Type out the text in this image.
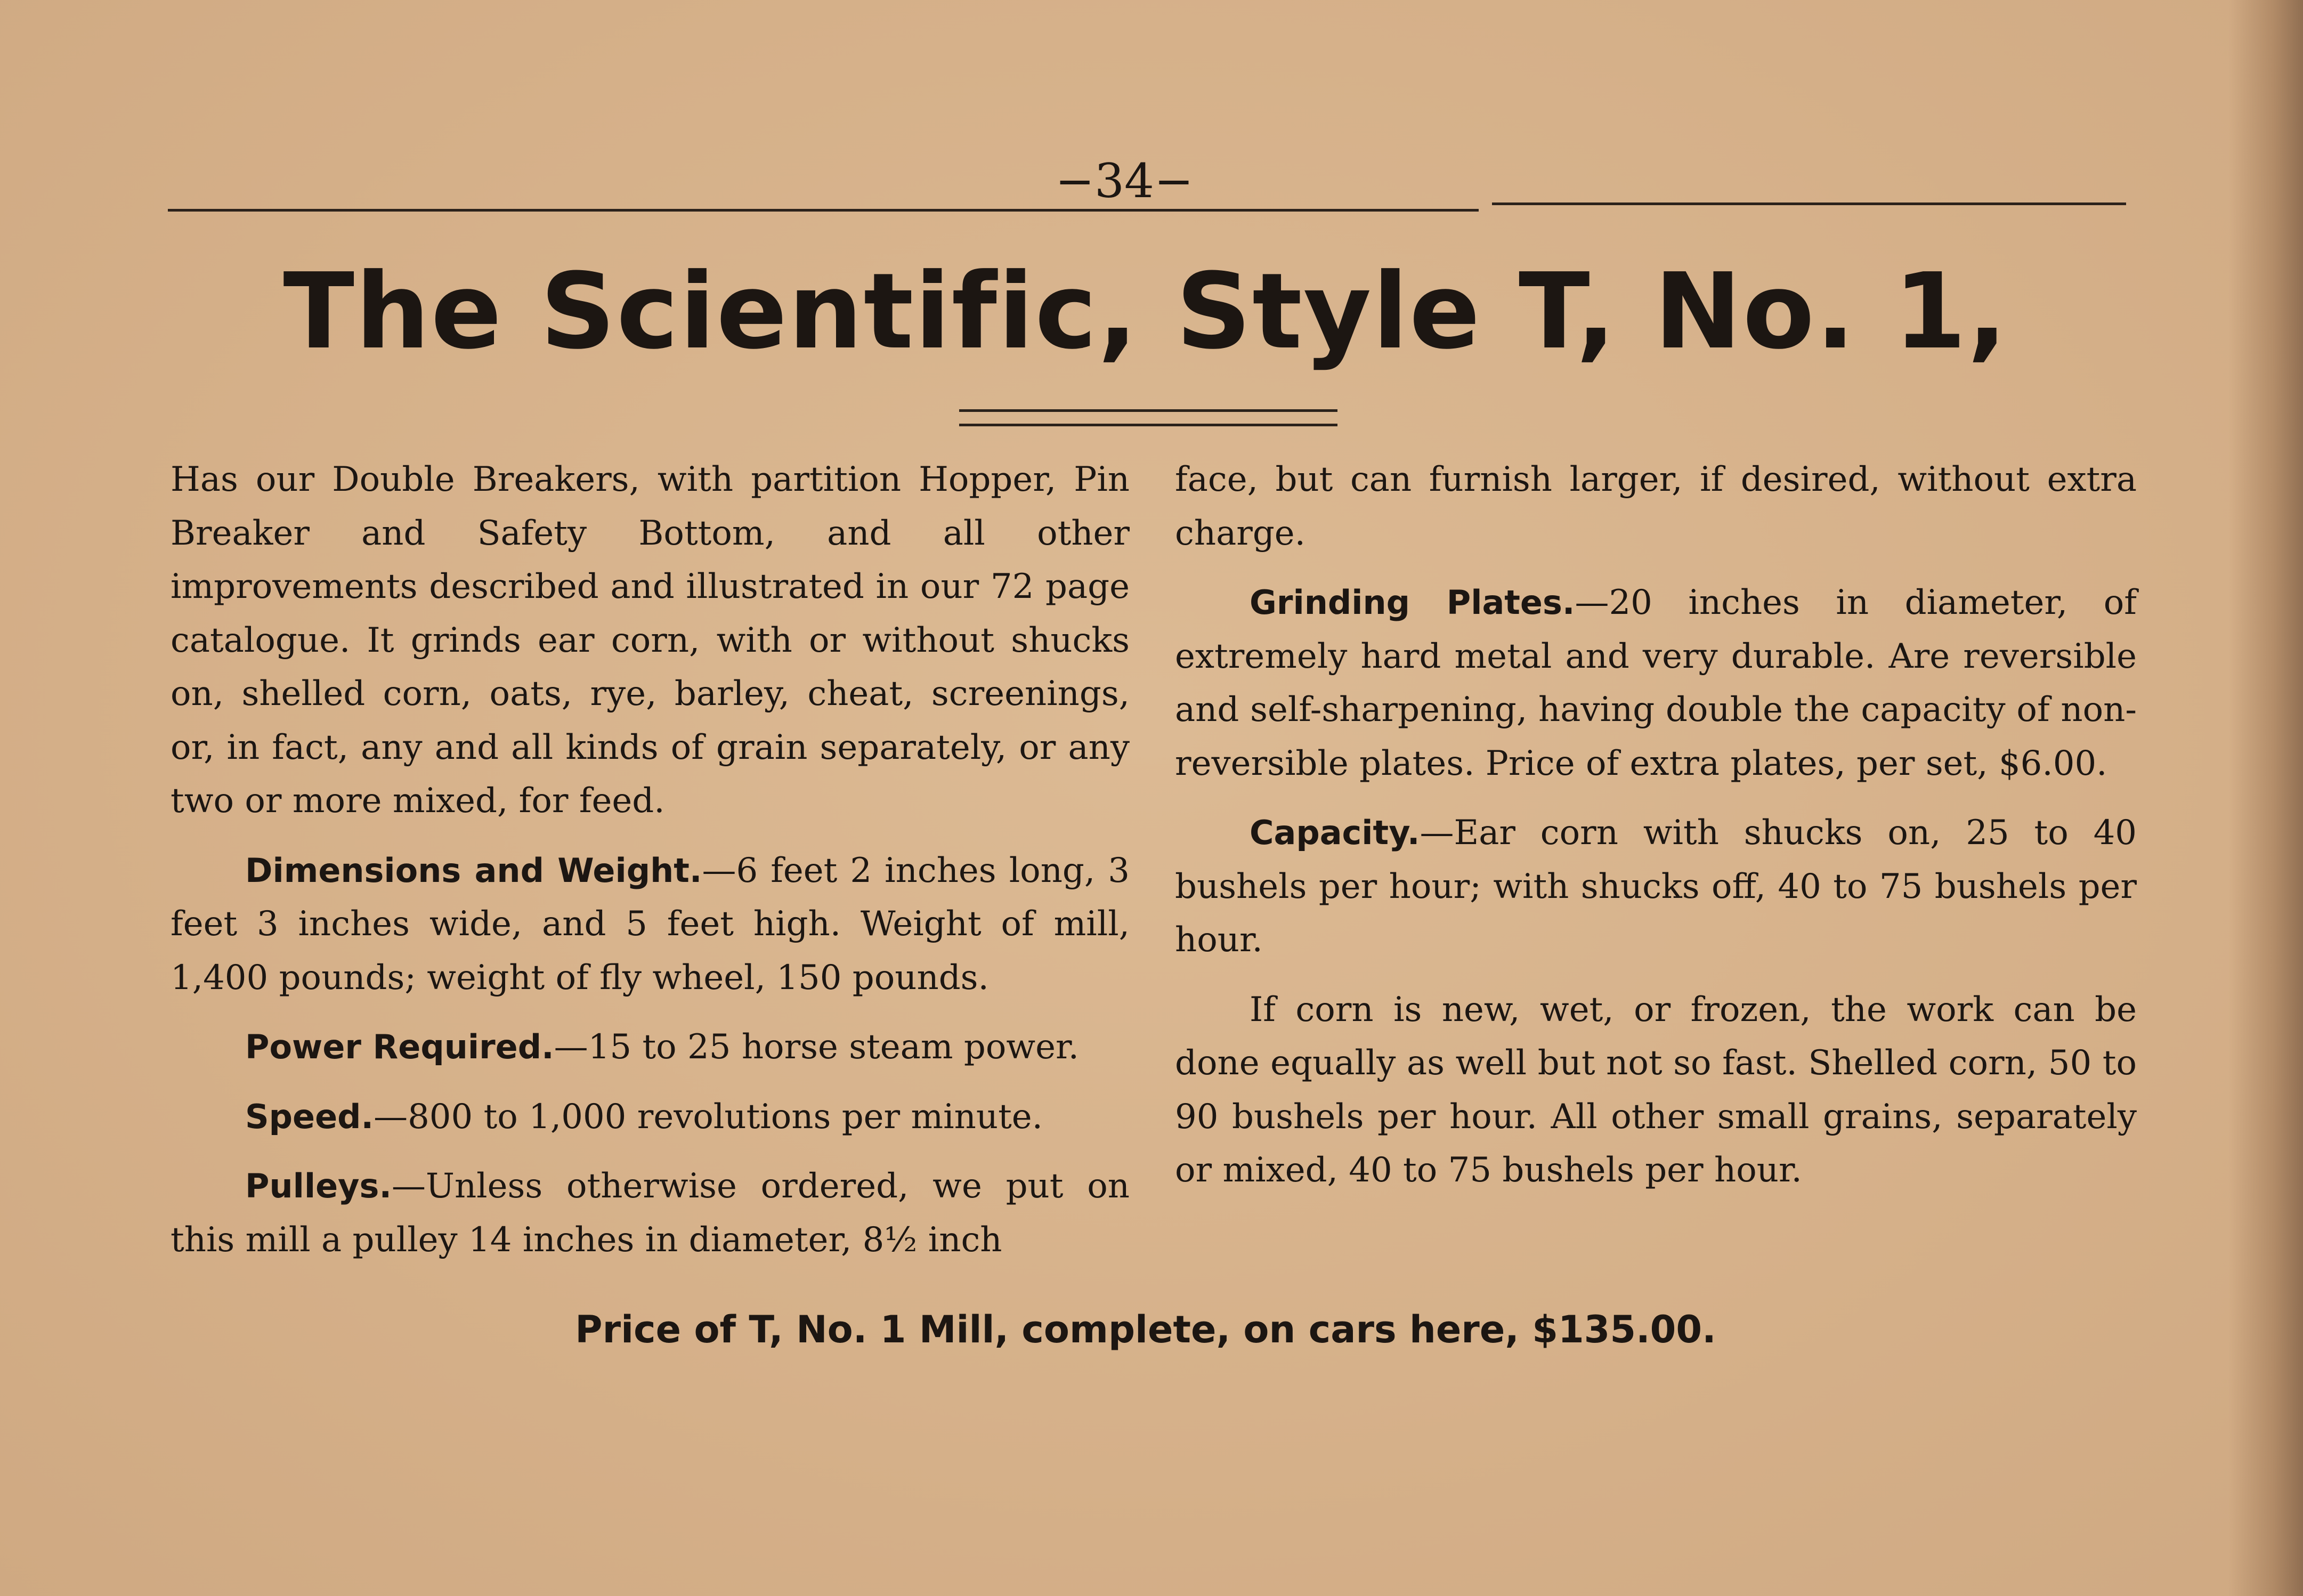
−34−
The Scientific, Style T, No. 1,

Has our Double Breakers, with partition Hopper, Pin Breaker and Safety Bottom, and all other improvements described and illustrated in our 72 page catalogue. It grinds ear corn, with or without shucks on, shelled corn, oats, rye, barley, cheat, screenings, or, in fact, any and all kinds of grain separately, or any two or more mixed, for feed.

Dimensions and Weight.—6 feet 2 inches long, 3 feet 3 inches wide, and 5 feet high. Weight of mill, 1,400 pounds; weight of fly wheel, 150 pounds.

Power Required.—15 to 25 horse steam power.

Speed.—800 to 1,000 revolutions per minute.

Pulleys.—Unless otherwise ordered, we put on this mill a pulley 14 inches in diameter, 8½ inch

face, but can furnish larger, if desired, without extra charge.

Grinding Plates.—20 inches in diameter, of extremely hard metal and very durable. Are reversible and self-sharpening, having double the capacity of non-reversible plates. Price of extra plates, per set, $6.00.

Capacity.—Ear corn with shucks on, 25 to 40 bushels per hour; with shucks off, 40 to 75 bushels per hour.

If corn is new, wet, or frozen, the work can be done equally as well but not so fast. Shelled corn, 50 to 90 bushels per hour. All other small grains, separately or mixed, 40 to 75 bushels per hour.

Price of T, No. 1 Mill, complete, on cars here, $135.00.
